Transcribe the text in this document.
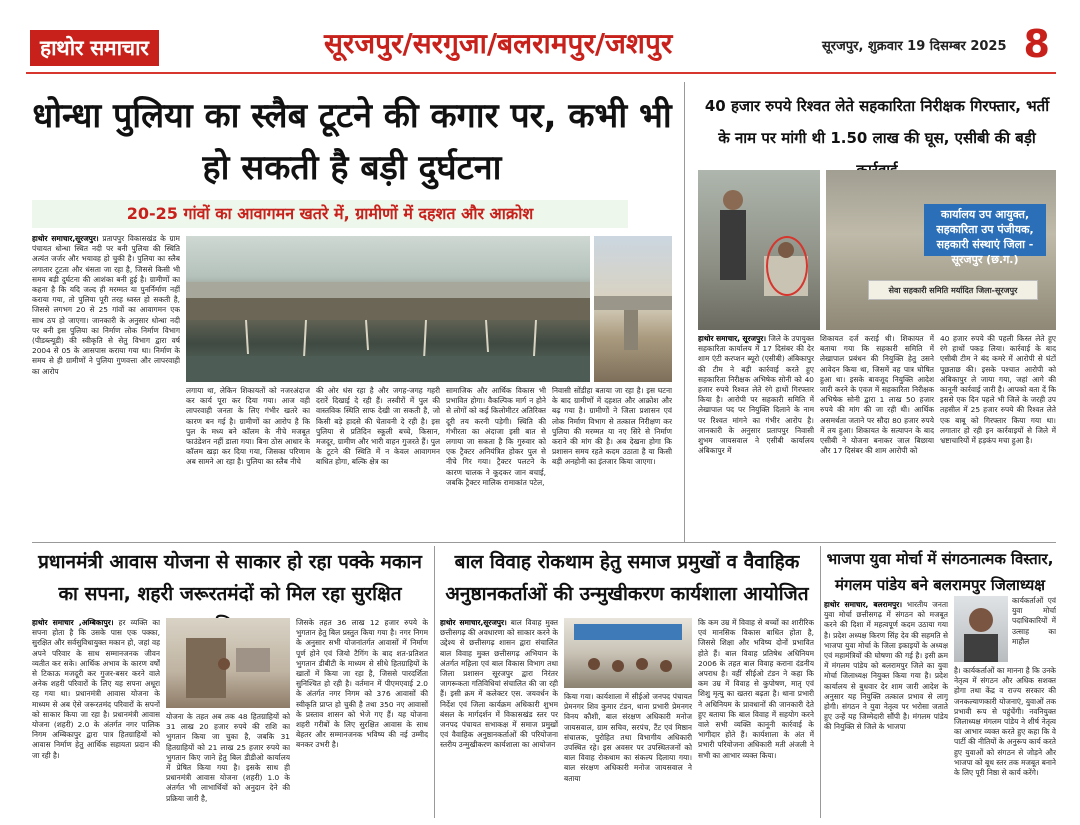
हाथोर समाचार	सूरजपुर/सरगुजा/बलरामपुर/जशपुर	सूरजपुर, शुक्रवार 19 दिसम्बर 2025 8
धोन्धा पुलिया का स्लैब टूटने की कगार पर, कभी भी हो सकती है बड़ी दुर्घटना
20-25 गांवों का आवागमन खतरे में, ग्रामीणों में दहशत और आक्रोश
हाथोर समाचार,सूरजपुर। प्रतापपुर विकासखंड के ग्राम पंचायत धोन्धा स्थित नदी पर बनी पुलिया की स्थिति अत्यंत जर्जर और भयावह हो चुकी है। पुलिया का स्लैब लगातार टूटता और धंसता जा रहा है, जिससे किसी भी समय बड़ी दुर्घटना की आशंका बनी हुई है। ग्रामीणों का कहना है कि यदि जल्द ही मरम्मत या पुनर्निर्माण नहीं कराया गया, तो पुलिया पूरी तरह ध्वस्त हो सकती है, जिससे लगभग 20 से 25 गांवों का आवागमन एक साथ ठप हो जाएगा। जानकारी के अनुसार धोन्धा नदी पर बनी इस पुलिया का निर्माण लोक निर्माण विभाग (पीडब्ल्यूडी) की स्वीकृति से सेतु विभाग द्वारा वर्ष 2004 से 05 के आसपास कराया गया था। निर्माण के समय से ही ग्रामीणों ने पुलिया गुणवत्ता और लापरवाही का आरोप
लगाया था, लेकिन शिकायतों को नजरअंदाज कर कार्य पूरा कर दिया गया। आज वही लापरवाही जनता के लिए गंभीर खतरे का कारण बन गई है। ग्रामीणों का आरोप है कि पुल के मध्य बने कॉलम के नीचे मजबूत फाउंडेशन नहीं डाला गया। बिना ठोस आधार के कॉलम खड़ा कर दिया गया, जिसका परिणाम अब सामने आ रहा है। पुलिया का स्लैब नीचे
की ओर धंस रहा है और जगह-जगह गहरी दरारें दिखाई दे रही हैं। तस्वीरों में पुल की वास्तविक स्थिति साफ देखी जा सकती है, जो किसी बड़े हादसे की चेतावनी दे रही है। इस पुलिया से प्रतिदिन स्कूली बच्चे, किसान, मजदूर, ग्रामीण और भारी वाहन गुजरते हैं। पुल के टूटने की स्थिति में न केवल आवागमन बाधित होगा, बल्कि क्षेत्र का
सामाजिक और आर्थिक विकास भी प्रभावित होगा। वैकल्पिक मार्ग न होने से लोगों को कई किलोमीटर अतिरिक्त दूरी तय करनी पड़ेगी। स्थिति की गंभीरता का अंदाजा इसी बात से लगाया जा सकता है कि गुरुवार को एक ट्रैक्टर अनियंत्रित होकर पुल से नीचे गिर गया। ट्रैक्टर पलटने के कारण चालक ने कूदकर जान बचाई, जबकि ट्रैक्टर मालिक रामाकांत पटेल,
निवासी सोंडीहा बताया जा रहा है। इस घटना के बाद ग्रामीणों में दहशत और आक्रोश और बढ़ गया है। ग्रामीणों ने जिला प्रशासन एवं लोक निर्माण विभाग से तत्काल निरीक्षण कर पुलिया की मरम्मत या नए सिरे से निर्माण कराने की मांग की है। अब देखना होगा कि प्रशासन समय रहते कदम उठाता है या किसी बड़ी अनहोनी का इंतजार किया जाएगा।
40 हजार रुपये रिश्वत लेते सहकारिता निरीक्षक गिरफ्तार, भर्ती के नाम पर मांगी थी 1.50 लाख की घूस, एसीबी की बड़ी
कार्यालय उप आयुक्त, सहकारिता उप पंजीयक, सहकारी संस्थाएं जिला - सूरजपुर (छ.ग.)
सेवा सहकारी समिति मर्यादित जिला-सूरजपुर
हाथोर समाचार, सूरजपुर। जिले के उपायुक्त सहकारिता कार्यालय में 17 दिसंबर की देर शाम एंटी करप्शन ब्यूरो (एसीबी) अंबिकापुर की टीम ने बड़ी कार्रवाई करते हुए सहकारिता निरीक्षक अभिषेक सोनी को 40 हजार रुपये रिश्वत लेते रंगे हाथों गिरफ्तार किया है। आरोपी पर सहकारी समिति में लेखापाल पद पर नियुक्ति दिलाने के नाम पर रिश्वत मांगने का गंभीर आरोप है। जानकारी के अनुसार प्रतापपुर निवासी शुभम जायसवाल ने एसीबी कार्यालय अंबिकापुर में
शिकायत दर्ज कराई थी। शिकायत में बताया गया कि सहकारी समिति में लेखापाल प्रबंधन की नियुक्ति हेतु उसने आवेदन किया था, जिसमें वह पात्र घोषित हुआ था। इसके बावजूद नियुक्ति आदेश जारी करने के एवज में सहकारिता निरीक्षक अभिषेक सोनी द्वारा 1 लाख 50 हजार रुपये की मांग की जा रही थी। आर्थिक असमर्थता जताने पर सौदा 80 हजार रुपये में तय हुआ। शिकायत के सत्यापन के बाद एसीबी ने योजना बनाकर जाल बिछाया और 17 दिसंबर की शाम आरोपी को
40 हजार रुपये की पहली किस्त लेते हुए रंगे हाथों पकड़ लिया। कार्रवाई के बाद एसीबी टीम ने बंद कमरे में आरोपी से घंटों पूछताछ की। इसके पश्चात आरोपी को अंबिकापुर ले जाया गया, जहां आगे की कानूनी कार्रवाई जारी है। आपको बता दें कि इससे एक दिन पहले भी जिले के जरही उप तहसील में 25 हजार रुपये की रिश्वत लेते एक बाबू को गिरफ्तार किया गया था। लगातार हो रही इन कार्रवाइयों से जिले में भ्रष्टाचारियों में हड़कंप मचा हुआ है।
प्रधानमंत्री आवास योजना से साकार हो रहा पक्के मकान का सपना, शहरी जरूरतमंदों को मिल रहा सुरक्षित
हाथोर समाचार ,अम्बिकापुर। हर व्यक्ति का सपना होता है कि उसके पास एक पक्का, सुरक्षित और सर्वसुविधायुक्त मकान हो, जहां वह अपने परिवार के साथ सम्मानजनक जीवन व्यतीत कर सके। आर्थिक अभाव के कारण वर्षों से टिकाऊ मजदूरी कर गुजर-बसर करने वाले अनेक शहरी परिवारों के लिए यह सपना अधूरा रह गया था। प्रधानमंत्री आवास योजना के माध्यम से अब ऐसे जरूरतमंद परिवारों के सपनों को साकार किया जा रहा है। प्रधानमंत्री आवास योजना (शहरी) 2.0 के अंतर्गत नगर पालिक निगम अम्बिकापुर द्वारा पात्र हितग्राहियों को आवास निर्माण हेतु आर्थिक सहायता प्रदान की जा रही है।
योजना के तहत अब तक 48 हितग्राहियों को 31 लाख 20 हजार रुपये की राशि का भुगतान किया जा चुका है, जबकि 31 हितग्राहियों को 21 लाख 25 हजार रुपये का भुगतान किए जाने हेतु बिल डीडीओ कार्यालय में प्रेषित किया गया है। इसके साथ ही प्रधानमंत्री आवास योजना (शहरी) 1.0 के अंतर्गत भी लाभार्थियों को अनुदान देने की प्रक्रिया जारी है,
जिसके तहत 36 लाख 12 हजार रुपये के भुगतान हेतु बिल प्रस्तुत किया गया है। नगर निगम के अनुसार सभी योजनांतर्गत आवासों में निर्माण पूर्ण होने एवं जियो टैगिंग के बाद शत-प्रतिशत भुगतान डीबीटी के माध्यम से सीधे हितग्राहियों के खातों में किया जा रहा है, जिससे पारदर्शिता सुनिश्चित हो रही है। वर्तमान में पीएमएवाई 2.0 के अंतर्गत नगर निगम को 376 आवासों की स्वीकृति प्राप्त हो चुकी है तथा 350 नए आवासों के प्रस्ताव शासन को भेजे गए हैं। यह योजना शहरी गरीबों के लिए सुरक्षित आवास के साथ बेहतर और सम्मानजनक भविष्य की नई उम्मीद बनकर उभरी है।
बाल विवाह रोकथाम हेतु समाज प्रमुखों व वैवाहिक अनुष्ठानकर्ताओं की उन्मुखीकरण कार्यशाला आयोजित
हाथोर समाचार,सूरजपुर। बाल विवाह मुक्त छत्तीसगढ़ की अवधारणा को साकार करने के उद्देश्य से छत्तीसगढ़ शासन द्वारा संचालित बाल विवाह मुक्त छत्तीसगढ़ अभियान के अंतर्गत महिला एवं बाल विकास विभाग तथा जिला प्रशासन सूरजपुर द्वारा निरंतर जागरूकता गतिविधियां संचालित की जा रही हैं। इसी क्रम में कलेक्टर एस. जयवर्धन के निर्देश एवं जिला कार्यक्रम अधिकारी शुभम बंसल के मार्गदर्शन में विकासखंड स्तर पर जनपद पंचायत सभाकक्ष में समाज प्रमुखों एवं वैवाहिक अनुष्ठानकर्ताओं की परियोजना स्तरीय उन्मुखीकरण कार्यशाला का आयोजन
किया गया। कार्यशाला में सीईओ जनपद पंचायत प्रेमनगर शिव कुमार टंडन, थाना प्रभारी प्रेमनगर विनय कौशी, बाल संरक्षण अधिकारी मनोज जायसवाल, ग्राम सचिव, सरपंच, टैंट एवं मिष्ठान संचालक, पुरोहित तथा विभागीय अधिकारी उपस्थित रहे। इस अवसर पर उपस्थितजनों को बाल विवाह रोकथाम का संकल्प दिलाया गया। बाल संरक्षण अधिकारी मनोज जायसवाल ने बताया
कि कम उम्र में विवाह से बच्चों का शारीरिक एवं मानसिक विकास बाधित होता है, जिससे शिक्षा और भविष्य दोनों प्रभावित होते हैं। बाल विवाह प्रतिषेध अधिनियम 2006 के तहत बाल विवाह कराना दंडनीय अपराध है। वहीं सीईओ टंडन ने कहा कि कम उम्र में विवाह से कुपोषण, मातृ एवं शिशु मृत्यु का खतरा बढ़ता है। थाना प्रभारी ने अधिनियम के प्रावधानों की जानकारी देते हुए बताया कि बाल विवाह में सहयोग करने वाले सभी व्यक्ति कानूनी कार्रवाई के भागीदार होते हैं। कार्यशाला के अंत में प्रभारी परियोजना अधिकारी मती अंजली ने सभी का आभार व्यक्त किया।
भाजपा युवा मोर्चा में संगठनात्मक विस्तार, मंगलम पांडेय बने बलरामपुर जिलाध्यक्ष
हाथोर समाचार, बलरामपुर। भारतीय जनता युवा मोर्चा छत्तीसगढ़ में संगठन को मजबूत करने की दिशा में महत्वपूर्ण कदम उठाया गया है। प्रदेश अध्यक्ष किरण सिंह देव की सहमति से भाजपा युवा मोर्चा के जिला इकाइयों के अध्यक्ष एवं महामंत्रियों की घोषणा की गई है। इसी क्रम में मंगलम पांडेय को बलरामपुर जिले का युवा मोर्चा जिलाध्यक्ष नियुक्त किया गया है। प्रदेश कार्यालय से बुधवार देर शाम जारी आदेश के अनुसार यह नियुक्ति तत्काल प्रभाव से लागू होगी। संगठन ने युवा नेतृत्व पर भरोसा जताते हुए उन्हें यह जिम्मेदारी सौंपी है। मंगलम पांडेय की नियुक्ति से जिले के भाजपा
कार्यकर्ताओं एवं युवा मोर्चा पदाधिकारियों में उत्साह का माहौल
है। कार्यकर्ताओं का मानना है कि उनके नेतृत्व में संगठन और अधिक सशक्त होगा तथा केंद्र व राज्य सरकार की जनकल्याणकारी योजनाएं, युवाओं तक प्रभावी रूप से पहुंचेंगी। नवनियुक्त जिलाध्यक्ष मंगलम पांडेय ने शीर्ष नेतृत्व का आभार व्यक्त करते हुए कहा कि वे पार्टी की नीतियों के अनुरूप कार्य करते हुए युवाओं को संगठन से जोड़ने और भाजपा को बूथ स्तर तक मजबूत बनाने के लिए पूरी निष्ठा से कार्य करेंगे।
